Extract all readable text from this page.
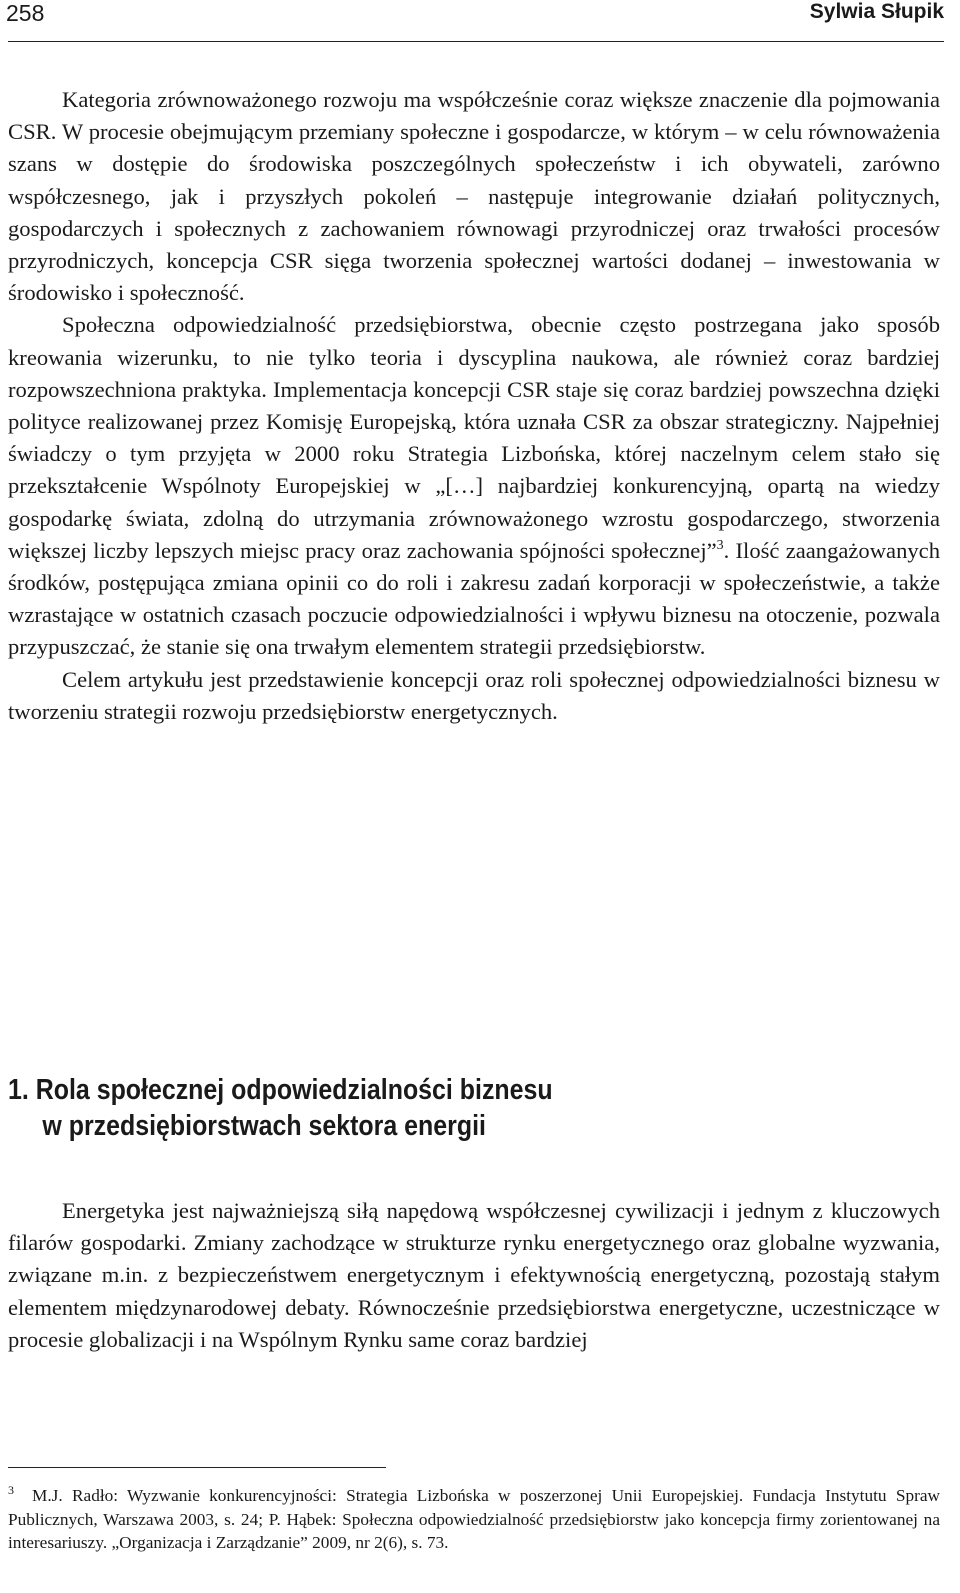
258	Sylwia Słupik

Kategoria zrównoważonego rozwoju ma współcześnie coraz większe znaczenie dla pojmowania CSR. W procesie obejmującym przemiany społeczne i gospodarcze, w którym – w celu równoważenia szans w dostępie do środowiska poszczególnych społeczeństw i ich obywateli, zarówno współczesnego, jak i przyszłych pokoleń – następuje integrowanie działań politycznych, gospodarczych i społecznych z zachowaniem równowagi przyrodniczej oraz trwałości procesów przyrodniczych, koncepcja CSR sięga tworzenia społecznej wartości dodanej – inwestowania w środowisko i społeczność.

Społeczna odpowiedzialność przedsiębiorstwa, obecnie często postrzegana jako sposób kreowania wizerunku, to nie tylko teoria i dyscyplina naukowa, ale również coraz bardziej rozpowszechniona praktyka. Implementacja koncepcji CSR staje się coraz bardziej powszechna dzięki polityce realizowanej przez Komisję Europejską, która uznała CSR za obszar strategiczny. Najpełniej świadczy o tym przyjęta w 2000 roku Strategia Lizbońska, której naczelnym celem stało się przekształcenie Wspólnoty Europejskiej w „[…] najbardziej konkurencyjną, opartą na wiedzy gospodarkę świata, zdolną do utrzymania zrównoważonego wzrostu gospodarczego, stworzenia większej liczby lepszych miejsc pracy oraz zachowania spójności społecznej”$^3$. Ilość zaangażowanych środków, postępująca zmiana opinii co do roli i zakresu zadań korporacji w społeczeństwie, a także wzrastające w ostatnich czasach poczucie odpowiedzialności i wpływu biznesu na otoczenie, pozwala przypuszczać, że stanie się ona trwałym elementem strategii przedsiębiorstw.

Celem artykułu jest przedstawienie koncepcji oraz roli społecznej odpowiedzialności biznesu w tworzeniu strategii rozwoju przedsiębiorstw energetycznych.

1. Rola społecznej odpowiedzialności biznesu
w przedsiębiorstwach sektora energii

Energetyka jest najważniejszą siłą napędową współczesnej cywilizacji i jednym z kluczowych filarów gospodarki. Zmiany zachodzące w strukturze rynku energetycznego oraz globalne wyzwania, związane m.in. z bezpieczeństwem energetycznym i efektywnością energetyczną, pozostają stałym elementem międzynarodowej debaty. Równocześnie przedsiębiorstwa energetyczne, uczestniczące w procesie globalizacji i na Wspólnym Rynku same coraz bardziej

$^3$ M.J. Radło: Wyzwanie konkurencyjności: Strategia Lizbońska w poszerzonej Unii Europejskiej. Fundacja Instytutu Spraw Publicznych, Warszawa 2003, s. 24; P. Hąbek: Społeczna odpowiedzialność przedsiębiorstw jako koncepcja firmy zorientowanej na interesariuszy. „Organizacja i Zarządzanie” 2009, nr 2(6), s. 73.
